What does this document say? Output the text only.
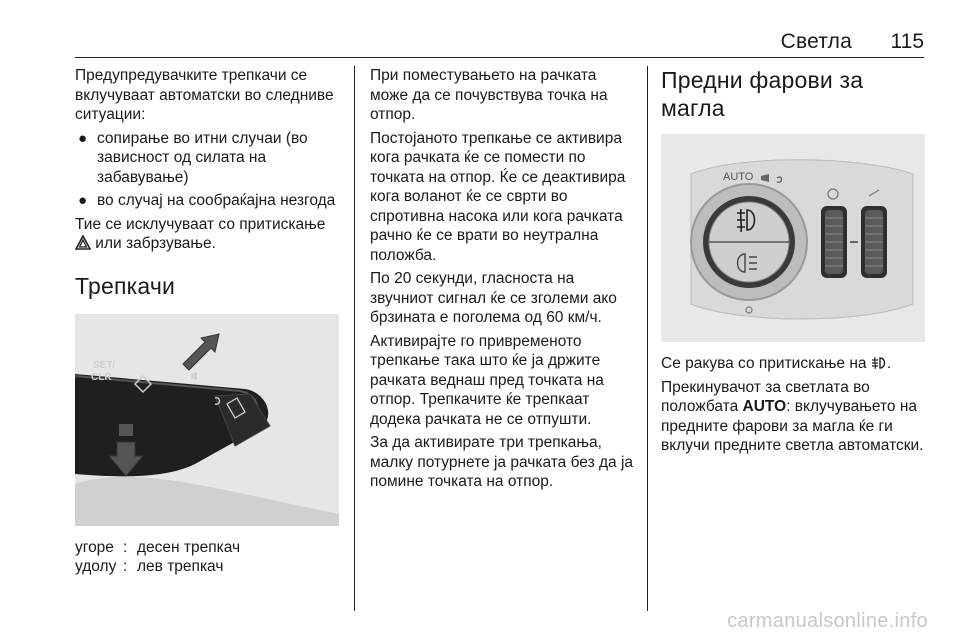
Светла 115

Предупредувачките трепкачи се вклучуваат автоматски во следниве ситуации:

● сопирање во итни случаи (во зависност од силата на забавување)
● во случај на сообраќајна незгода

Тие се исклучуваат со притискање  или забрзување.

Трепкачи
SET/
CLR
угоре	:	десен трепкач
удолу	:	лев трепкач

При поместувањето на рачката може да се почувствува точка на отпор.

Постојаното трепкање се активира кога рачката ќе се помести по точката на отпор. Ќе се деактивира кога воланот ќе се сврти во спротивна насока или кога рачката рачно ќе се врати во неутрална положба.

По 20 секунди, гласноста на звучниот сигнал ќе се зголеми ако брзината е поголема од 60 км/ч.

Активирајте го привременото трепкање така што ќе ја држите рачката веднаш пред точката на отпор. Трепкачите ќе трепкаат додека рачката не се отпушти.

За да активирате три трепкања, малку потурнете ја рачката без да ја помине точката на отпор.

Предни фарови за магла
AUTO

Се ракува со притискање на .

Прекинувачот за светлата во положбата AUTO: вклучувањето на предните фарови за магла ќе ги вклучи предните светла автоматски.

carmanualsonline.info
